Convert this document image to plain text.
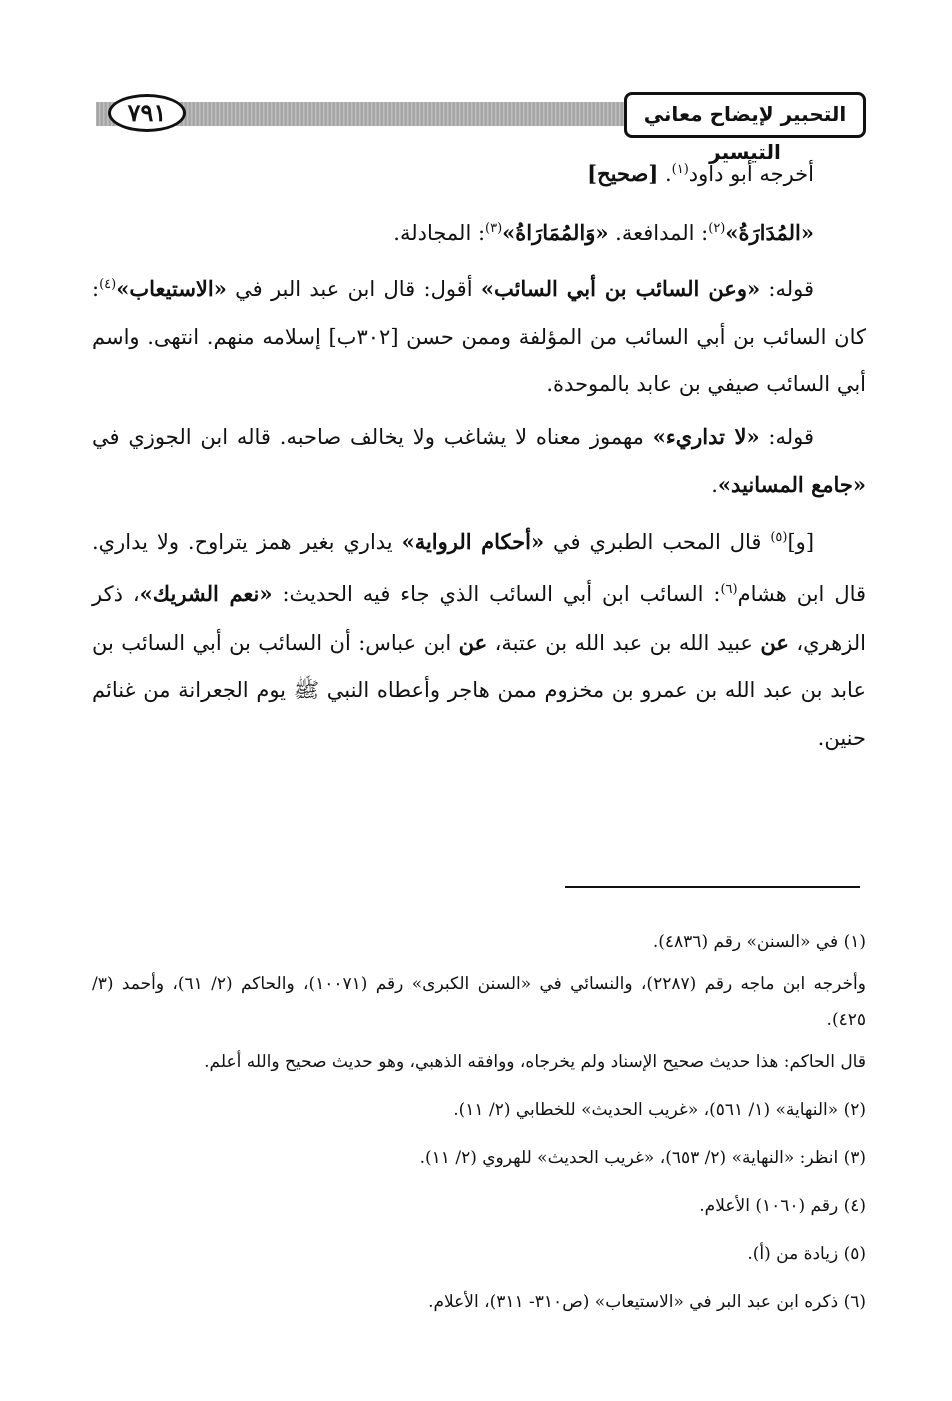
٧٩١	التحبير لإيضاح معاني التيسير

أخرجه أبو داود$^{(١)}$. [صحيح]

«المُدَارَةُ»$^{(٢)}$: المدافعة. «وَالمُمَارَاةُ»$^{(٣)}$: المجادلة.

قوله: «وعن السائب بن أبي السائب» أقول: قال ابن عبد البر في «الاستيعاب»$^{(٤)}$: كان السائب بن أبي السائب من المؤلفة وممن حسن [٣٠٢ب] إسلامه منهم. انتهى. واسم أبي السائب صيفي بن عابد بالموحدة.

قوله: «لا تداريء» مهموز معناه لا يشاغب ولا يخالف صاحبه. قاله ابن الجوزي في «جامع المسانيد».

[و]$^{(٥)}$ قال المحب الطبري في «أحكام الرواية» يداري بغير همز يتراوح. ولا يداري. قال ابن هشام$^{(٦)}$: السائب ابن أبي السائب الذي جاء فيه الحديث: «نعم الشريك»، ذكر الزهري، عن عبيد الله بن عبد الله بن عتبة، عن ابن عباس: أن السائب بن أبي السائب بن عابد بن عبد الله بن عمرو بن مخزوم ممن هاجر وأعطاه النبي ﷺ يوم الجعرانة من غنائم حنين.

(١) في «السنن» رقم (٤٨٣٦).

وأخرجه ابن ماجه رقم (٢٢٨٧)، والنسائي في «السنن الكبرى» رقم (١٠٠٧١)، والحاكم (٢/ ٦١)، وأحمد (٣/ ٤٢٥).

قال الحاكم: هذا حديث صحيح الإسناد ولم يخرجاه، ووافقه الذهبي، وهو حديث صحيح والله أعلم.

(٢) «النهاية» (١/ ٥٦١)، «غريب الحديث» للخطابي (٢/ ١١).

(٣) انظر: «النهاية» (٢/ ٦٥٣)، «غريب الحديث» للهروي (٢/ ١١).

(٤) رقم (١٠٦٠) الأعلام.

(٥) زيادة من (أ).

(٦) ذكره ابن عبد البر في «الاستيعاب» (ص٣١٠- ٣١١)، الأعلام.
